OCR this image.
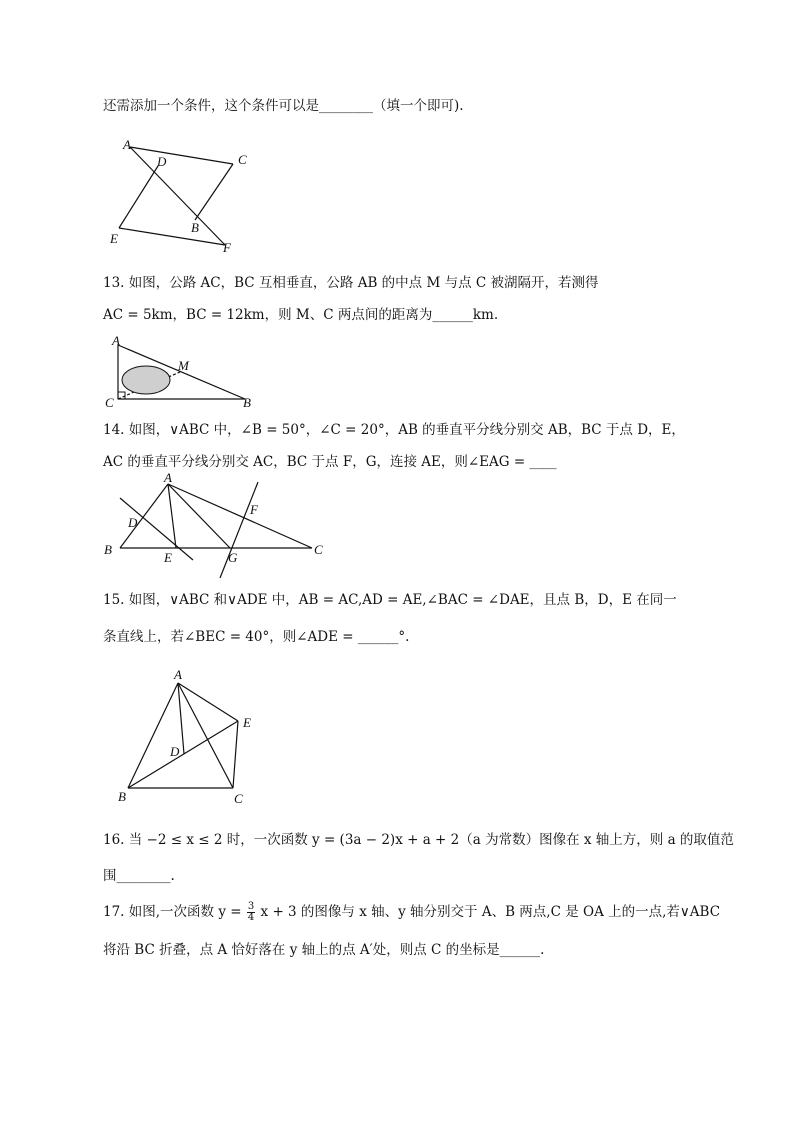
还需添加一个条件，这个条件可以是________（填一个即可).
A
D	C
E
B
F
13. 如图，公路 AC，BC 互相垂直，公路 AB 的中点 M 与点 C 被湖隔开，若测得
AC = 5km，BC = 12km，则 M、C 两点间的距离为______km.
A
M
C	B
14. 如图，∨ABC 中，∠B = 50°，∠C = 20°，AB 的垂直平分线分别交 AB，BC 于点 D，E，
AC 的垂直平分线分别交 AC，BC 于点 F，G，连接 AE，则∠EAG = ____
A
F
D
B
E	G
C
15. 如图，∨ABC 和∨ADE 中，AB = AC,AD = AE,∠BAC = ∠DAE，且点 B，D，E 在同一
条直线上，若∠BEC = 40°，则∠ADE = ______°.
A
E
D
B	C
16. 当 −2 ≤ x ≤ 2 时，一次函数 y = (3a − 2)x + a + 2（a 为常数）图像在 x 轴上方，则 a 的取值范
围________.
17. 如图,一次函数 $y = \frac{3}{4}$ x + 3 的图像与 x 轴、y 轴分别交于 A、B 两点,C 是 OA 上的一点,若∨ABC
将沿 BC 折叠，点 A 恰好落在 y 轴上的点 A′处，则点 C 的坐标是______.
